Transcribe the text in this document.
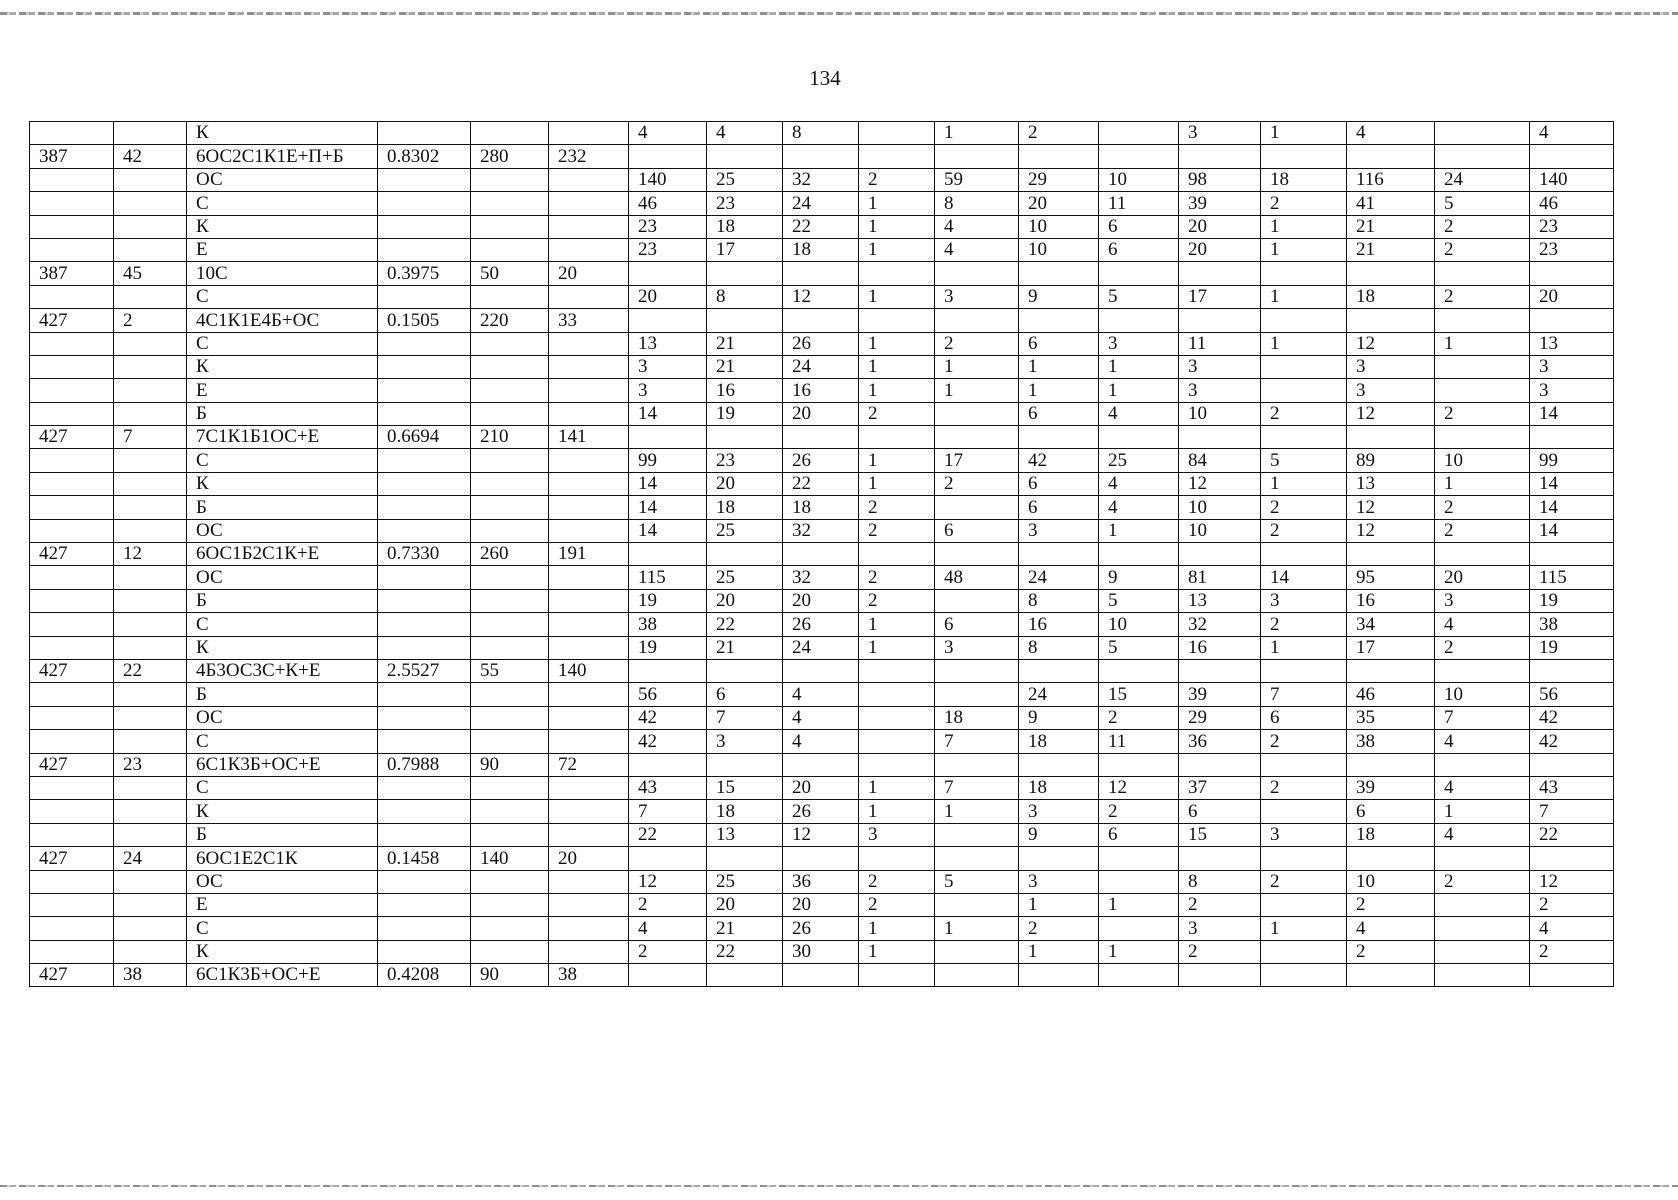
134
		К				4	4	8		1	2		3	1	4		4
387	42	6ОС2С1К1Е+П+Б	0.8302	280	232												
		ОС				140	25	32	2	59	29	10	98	18	116	24	140
		С				46	23	24	1	8	20	11	39	2	41	5	46
		К				23	18	22	1	4	10	6	20	1	21	2	23
		Е				23	17	18	1	4	10	6	20	1	21	2	23
387	45	10С	0.3975	50	20												
		С				20	8	12	1	3	9	5	17	1	18	2	20
427	2	4С1К1Е4Б+ОС	0.1505	220	33												
		С				13	21	26	1	2	6	3	11	1	12	1	13
		К				3	21	24	1	1	1	1	3		3		3
		Е				3	16	16	1	1	1	1	3		3		3
		Б				14	19	20	2		6	4	10	2	12	2	14
427	7	7С1К1Б1ОС+Е	0.6694	210	141												
		С				99	23	26	1	17	42	25	84	5	89	10	99
		К				14	20	22	1	2	6	4	12	1	13	1	14
		Б				14	18	18	2		6	4	10	2	12	2	14
		ОС				14	25	32	2	6	3	1	10	2	12	2	14
427	12	6ОС1Б2С1К+Е	0.7330	260	191												
		ОС				115	25	32	2	48	24	9	81	14	95	20	115
		Б				19	20	20	2		8	5	13	3	16	3	19
		С				38	22	26	1	6	16	10	32	2	34	4	38
		К				19	21	24	1	3	8	5	16	1	17	2	19
427	22	4Б3ОС3С+К+Е	2.5527	55	140												
		Б				56	6	4			24	15	39	7	46	10	56
		ОС				42	7	4		18	9	2	29	6	35	7	42
		С				42	3	4		7	18	11	36	2	38	4	42
427	23	6С1К3Б+ОС+Е	0.7988	90	72												
		С				43	15	20	1	7	18	12	37	2	39	4	43
		К				7	18	26	1	1	3	2	6		6	1	7
		Б				22	13	12	3		9	6	15	3	18	4	22
427	24	6ОС1Е2С1К	0.1458	140	20												
		ОС				12	25	36	2	5	3		8	2	10	2	12
		Е				2	20	20	2		1	1	2		2		2
		С				4	21	26	1	1	2		3	1	4		4
		К				2	22	30	1		1	1	2		2		2
427	38	6С1К3Б+ОС+Е	0.4208	90	38												
